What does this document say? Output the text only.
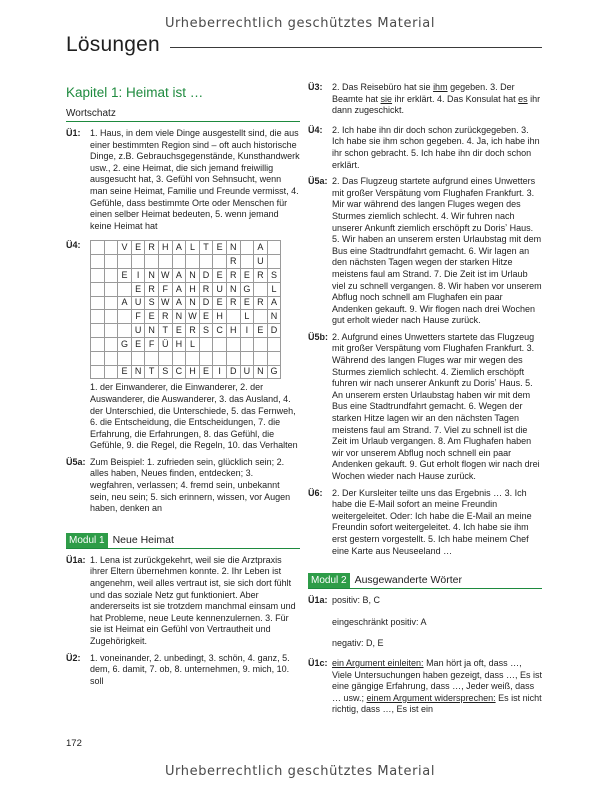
Urheberrechtlich geschütztes Material
Lösungen
Kapitel 1: Heimat ist …
Wortschatz
Ü1:	1. Haus, in dem viele Dinge ausgestellt sind, die aus einer bestimmten Region sind – oft auch historische Dinge, z.B. Gebrauchsgegenstände, Kunsthandwerk usw., 2. eine Heimat, die sich jemand freiwillig ausgesucht hat, 3. Gefühl von Sehnsucht, wenn man seine Heimat, Familie und Freunde vermisst, 4. Gefühle, dass bestimmte Orte oder Menschen für einen selber Heimat bedeuten, 5. wenn jemand keine Heimat hat
Ü4:
			V	E	R	H	A	L	T	E	N		A	
										R		U	
		E	I	N	W	A	N	D	E	R	E	R	S
			E	R	F	A	H	R	U	N	G		L
		A	U	S	W	A	N	D	E	R	E	R	A
			F	E	R	N	W	E	H		L		N
			U	N	T	E	R	S	C	H	I	E	D
		G	E	F	Ü	H	L						

		E	N	T	S	C	H	E	I	D	U	N	G
1. der Einwanderer, die Einwanderer, 2. der Auswanderer, die Auswanderer, 3. das Ausland, 4. der Unterschied, die Unterschiede, 5. das Fernweh, 6. die Entscheidung, die Entscheidungen, 7. die Erfahrung, die Erfahrungen, 8. das Gefühl, die Gefühle, 9. die Regel, die Regeln, 10. das Verhalten
Ü5a: Zum Beispiel: 1. zufrieden sein, glücklich sein; 2. alles haben, Neues finden, entdecken; 3. wegfahren, verlassen; 4. fremd sein, unbekannt sein, neu sein; 5. sich erinnern, wissen, vor Augen haben, denken an
Modul 1 Neue Heimat
Ü1a: 1. Lena ist zurückgekehrt, weil sie die Arztpraxis ihrer Eltern übernehmen konnte. 2. Ihr Leben ist angenehm, weil alles vertraut ist, sie sich dort fühlt und das soziale Netz gut funktioniert. Aber andererseits ist sie trotzdem manchmal einsam und hat Probleme, neue Leute kennenzulernen. 3. Für sie ist Heimat ein Gefühl von Vertrautheit und Zugehörigkeit.
Ü2:	1. voneinander, 2. unbedingt, 3. schön, 4. ganz, 5. dem, 6. damit, 7. ob, 8. unternehmen, 9. mich, 10. soll
Ü3:	2. Das Reisebüro hat sie ihm gegeben. 3. Der Beamte hat sie ihr erklärt. 4. Das Konsulat hat es ihr dann zugeschickt.
Ü4:	2. Ich habe ihn dir doch schon zurückgegeben. 3. Ich habe sie ihm schon gegeben. 4. Ja, ich habe ihn ihr schon gebracht. 5. Ich habe ihn dir doch schon erklärt.
Ü5a: 2. Das Flugzeug startete aufgrund eines Unwetters mit großer Verspätung vom Flughafen Frankfurt. 3. Mir war während des langen Fluges wegen des Sturmes ziemlich schlecht. 4. Wir fuhren nach unserer Ankunft ziemlich erschöpft zu Dorisʼ Haus. 5. Wir haben an unserem ersten Urlaubstag mit dem Bus eine Stadtrundfahrt gemacht. 6. Wir lagen an den nächsten Tagen wegen der starken Hitze meistens faul am Strand. 7. Die Zeit ist im Urlaub viel zu schnell vergangen. 8. Wir haben vor unserem Abflug noch schnell am Flughafen ein paar Andenken gekauft. 9. Wir flogen nach drei Wochen gut erholt wieder nach Hause zurück.
Ü5b: 2. Aufgrund eines Unwetters startete das Flugzeug mit großer Verspätung vom Flughafen Frankfurt. 3. Während des langen Fluges war mir wegen des Sturmes ziemlich schlecht. 4. Ziemlich erschöpft fuhren wir nach unserer Ankunft zu Dorisʼ Haus. 5. An unserem ersten Urlaubstag haben wir mit dem Bus eine Stadtrundfahrt gemacht. 6. Wegen der starken Hitze lagen wir an den nächsten Tagen meistens faul am Strand. 7. Viel zu schnell ist die Zeit im Urlaub vergangen. 8. Am Flughafen haben wir vor unserem Abflug noch schnell ein paar Andenken gekauft. 9. Gut erholt flogen wir nach drei Wochen wieder nach Hause zurück.
Ü6:	2. Der Kursleiter teilte uns das Ergebnis … 3. Ich habe die E-Mail sofort an meine Freundin weitergeleitet. Oder: Ich habe die E-Mail an meine Freundin sofort weitergeleitet. 4. Ich habe sie ihm erst gestern vorgestellt. 5. Ich habe meinem Chef eine Karte aus Neuseeland …
Modul 2 Ausgewanderte Wörter
Ü1a: positiv: B, C

eingeschränkt positiv: A

negativ: D, E

Ü1c: ein Argument einleiten: Man hört ja oft, dass …, Viele Untersuchungen haben gezeigt, dass …, Es ist eine gängige Erfahrung, dass …, Jeder weiß, dass … usw.; einem Argument widersprechen: Es ist nicht richtig, dass …, Es ist ein
172
Urheberrechtlich geschütztes Material
